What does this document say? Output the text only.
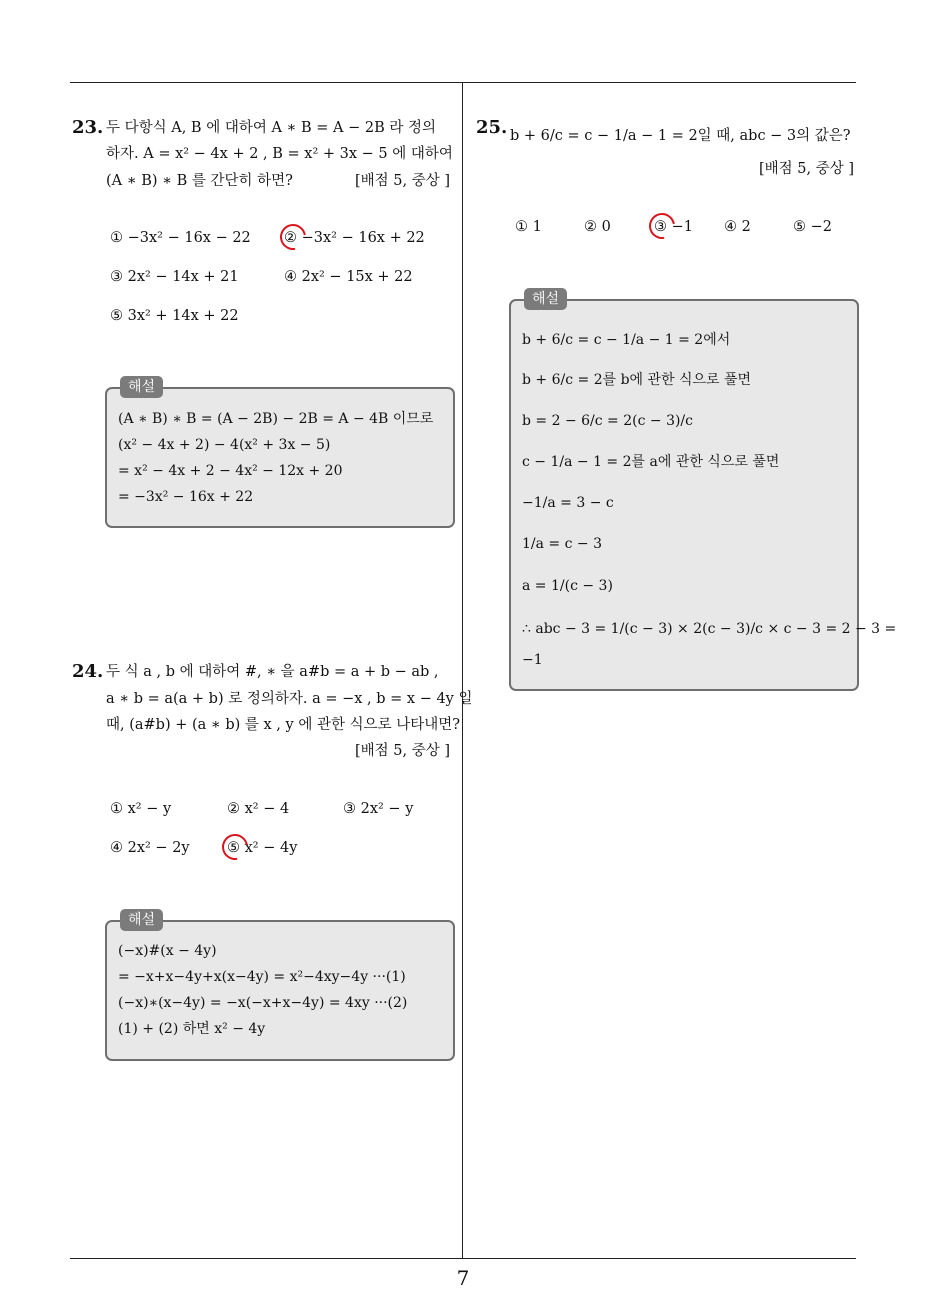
7
23. 두 다항식 A, B 에 대하여 A ∗ B = A − 2B 라 정의
하자. A = x² − 4x + 2 , B = x² + 3x − 5 에 대하여
(A ∗ B) ∗ B 를 간단히 하면?	[배점 5, 중상 ]
① −3x² − 16x − 22 ② −3x² − 16x + 22
③ 2x² − 14x + 21	④ 2x² − 15x + 22
⑤ 3x² + 14x + 22
해설
(A ∗ B) ∗ B = (A − 2B) − 2B = A − 4B 이므로
(x² − 4x + 2) − 4(x² + 3x − 5)
= x² − 4x + 2 − 4x² − 12x + 20
= −3x² − 16x + 22
24. 두 식 a , b 에 대하여 #, ∗ 을 a#b = a + b − ab ,
a ∗ b = a(a + b) 로 정의하자. a = −x , b = x − 4y 일
때, (a#b) + (a ∗ b) 를 x , y 에 관한 식으로 나타내면?
[배점 5, 중상 ]
① x² − y	② x² − 4	③ 2x² − y
④ 2x² − 2y	⑤ x² − 4y
해설
(−x)#(x − 4y)
= −x+x−4y+x(x−4y) = x²−4xy−4y ···(1)
(−x)∗(x−4y) = −x(−x+x−4y) = 4xy ···(2)
(1) + (2) 하면 x² − 4y
25. b + 6/c = c − 1/a − 1 = 2일 때, abc − 3의 값은?
[배점 5, 중상 ]
① 1	② 0	③ −1 ④ 2	⑤ −2
해설
b + 6/c = c − 1/a − 1 = 2에서
b + 6/c = 2를 b에 관한 식으로 풀면
b = 2 − 6/c = 2(c − 3)/c
c − 1/a − 1 = 2를 a에 관한 식으로 풀면
−1/a = 3 − c
1/a = c − 3
a = 1/(c − 3)
∴ abc − 3 = 1/(c − 3) × 2(c − 3)/c × c − 3 = 2 − 3 =
−1
